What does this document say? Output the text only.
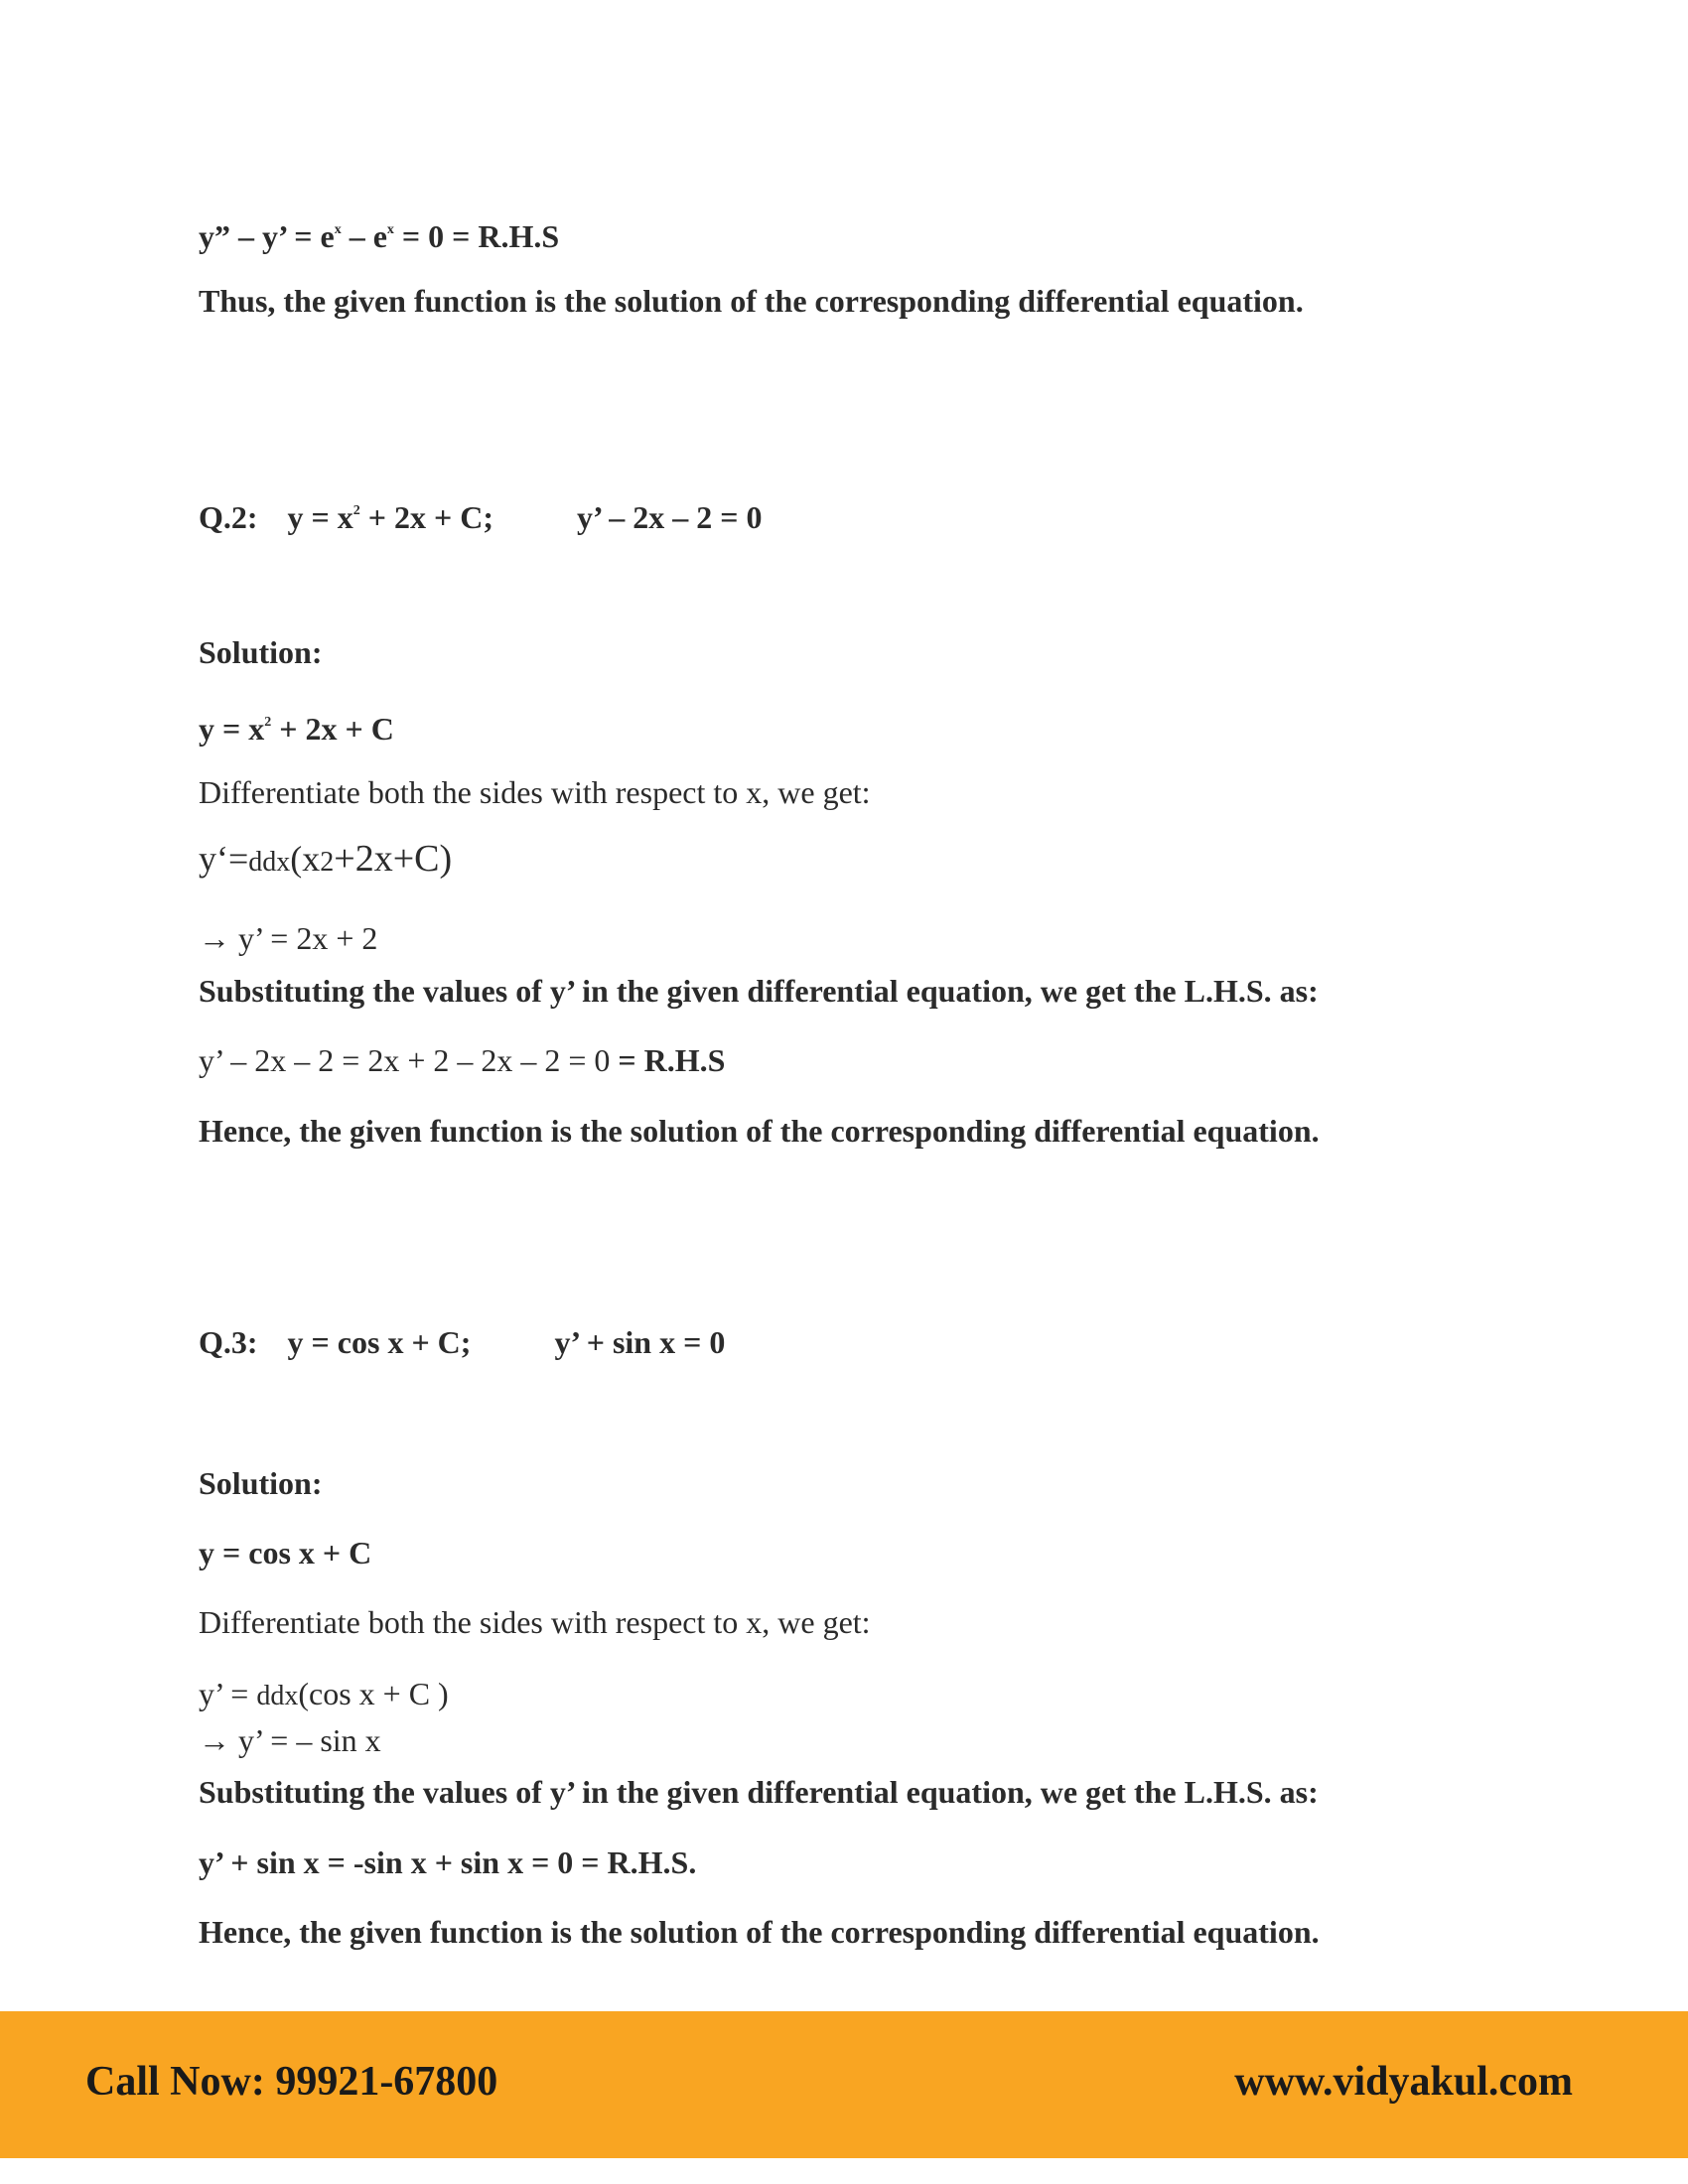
y” – y’ = $e^x - e^x = 0 = R.H.S$
Thus, the given function is the solution of the corresponding differential equation.
Q.2: $y = x^2 + 2x + C$;	y’ – 2x – 2 = 0
Solution:
$y = x^2 + 2x + C$
Differentiate both the sides with respect to x, we get:
y‘=ddx(x2+2x+C)
→ y’ = 2x + 2
Substituting the values of y’ in the given differential equation, we get the L.H.S. as:
y’ – 2x – 2 = 2x + 2 – 2x – 2 = 0 = R.H.S
Hence, the given function is the solution of the corresponding differential equation.
Q.3: y = cos x + C;	y’ + sin x = 0
Solution:
y = cos x + C
Differentiate both the sides with respect to x, we get:
y’ = ddx(cos x + C )
→ y’ = – sin x
Substituting the values of y’ in the given differential equation, we get the L.H.S. as:
y’ + sin x = -sin x + sin x = 0 = R.H.S.
Hence, the given function is the solution of the corresponding differential equation.
Call Now: 99921-67800	www.vidyakul.com
